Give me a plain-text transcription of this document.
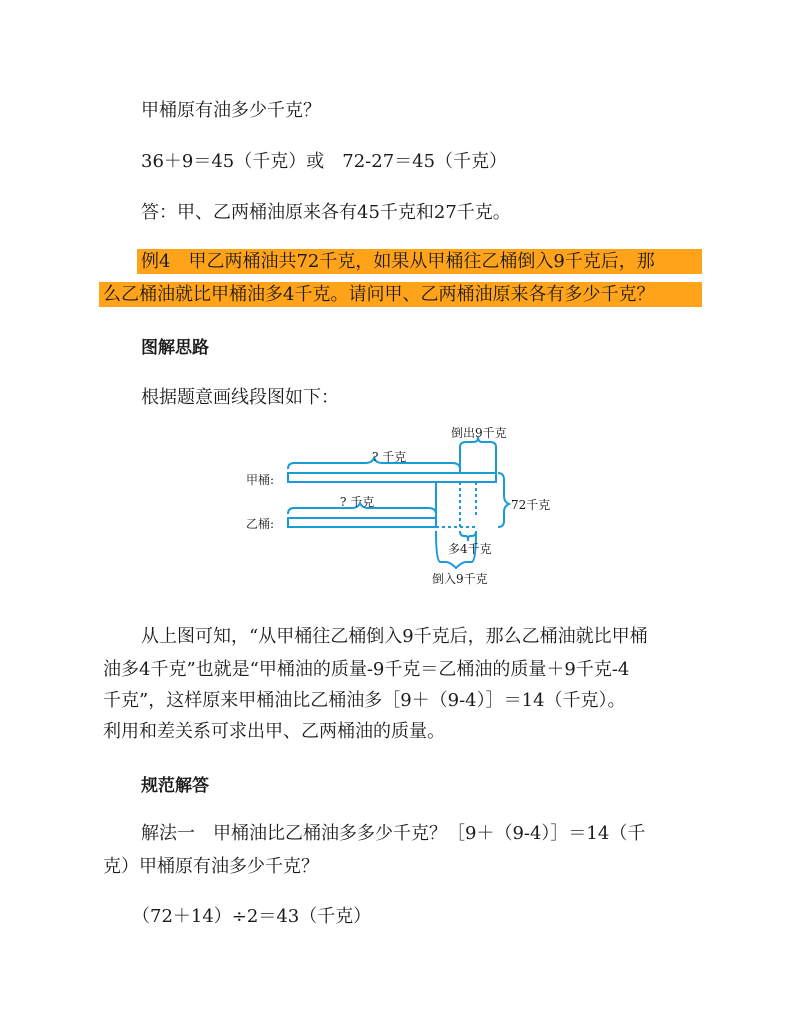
甲桶原有油多少千克？
36＋9＝45（千克）或　72-27＝45（千克）
答：甲、乙两桶油原来各有45千克和27千克。
例4　甲乙两桶油共72千克，如果从甲桶往乙桶倒入9千克后，那
么乙桶油就比甲桶油多4千克。请问甲、乙两桶油原来各有多少千克？
图解思路
根据题意画线段图如下：
甲桶:
乙桶:
? 千克
? 千克
倒出9千克
72千克
多4千克
倒入9千克
从上图可知，“从甲桶往乙桶倒入9千克后，那么乙桶油就比甲桶
油多4千克”也就是“甲桶油的质量-9千克＝乙桶油的质量＋9千克-4
千克”，这样原来甲桶油比乙桶油多［9＋（9-4）］＝14（千克）。
利用和差关系可求出甲、乙两桶油的质量。
规范解答
解法一　甲桶油比乙桶油多多少千克？［9＋（9-4）］＝14（千
克）甲桶原有油多少千克？
（72＋14）÷2＝43（千克）
